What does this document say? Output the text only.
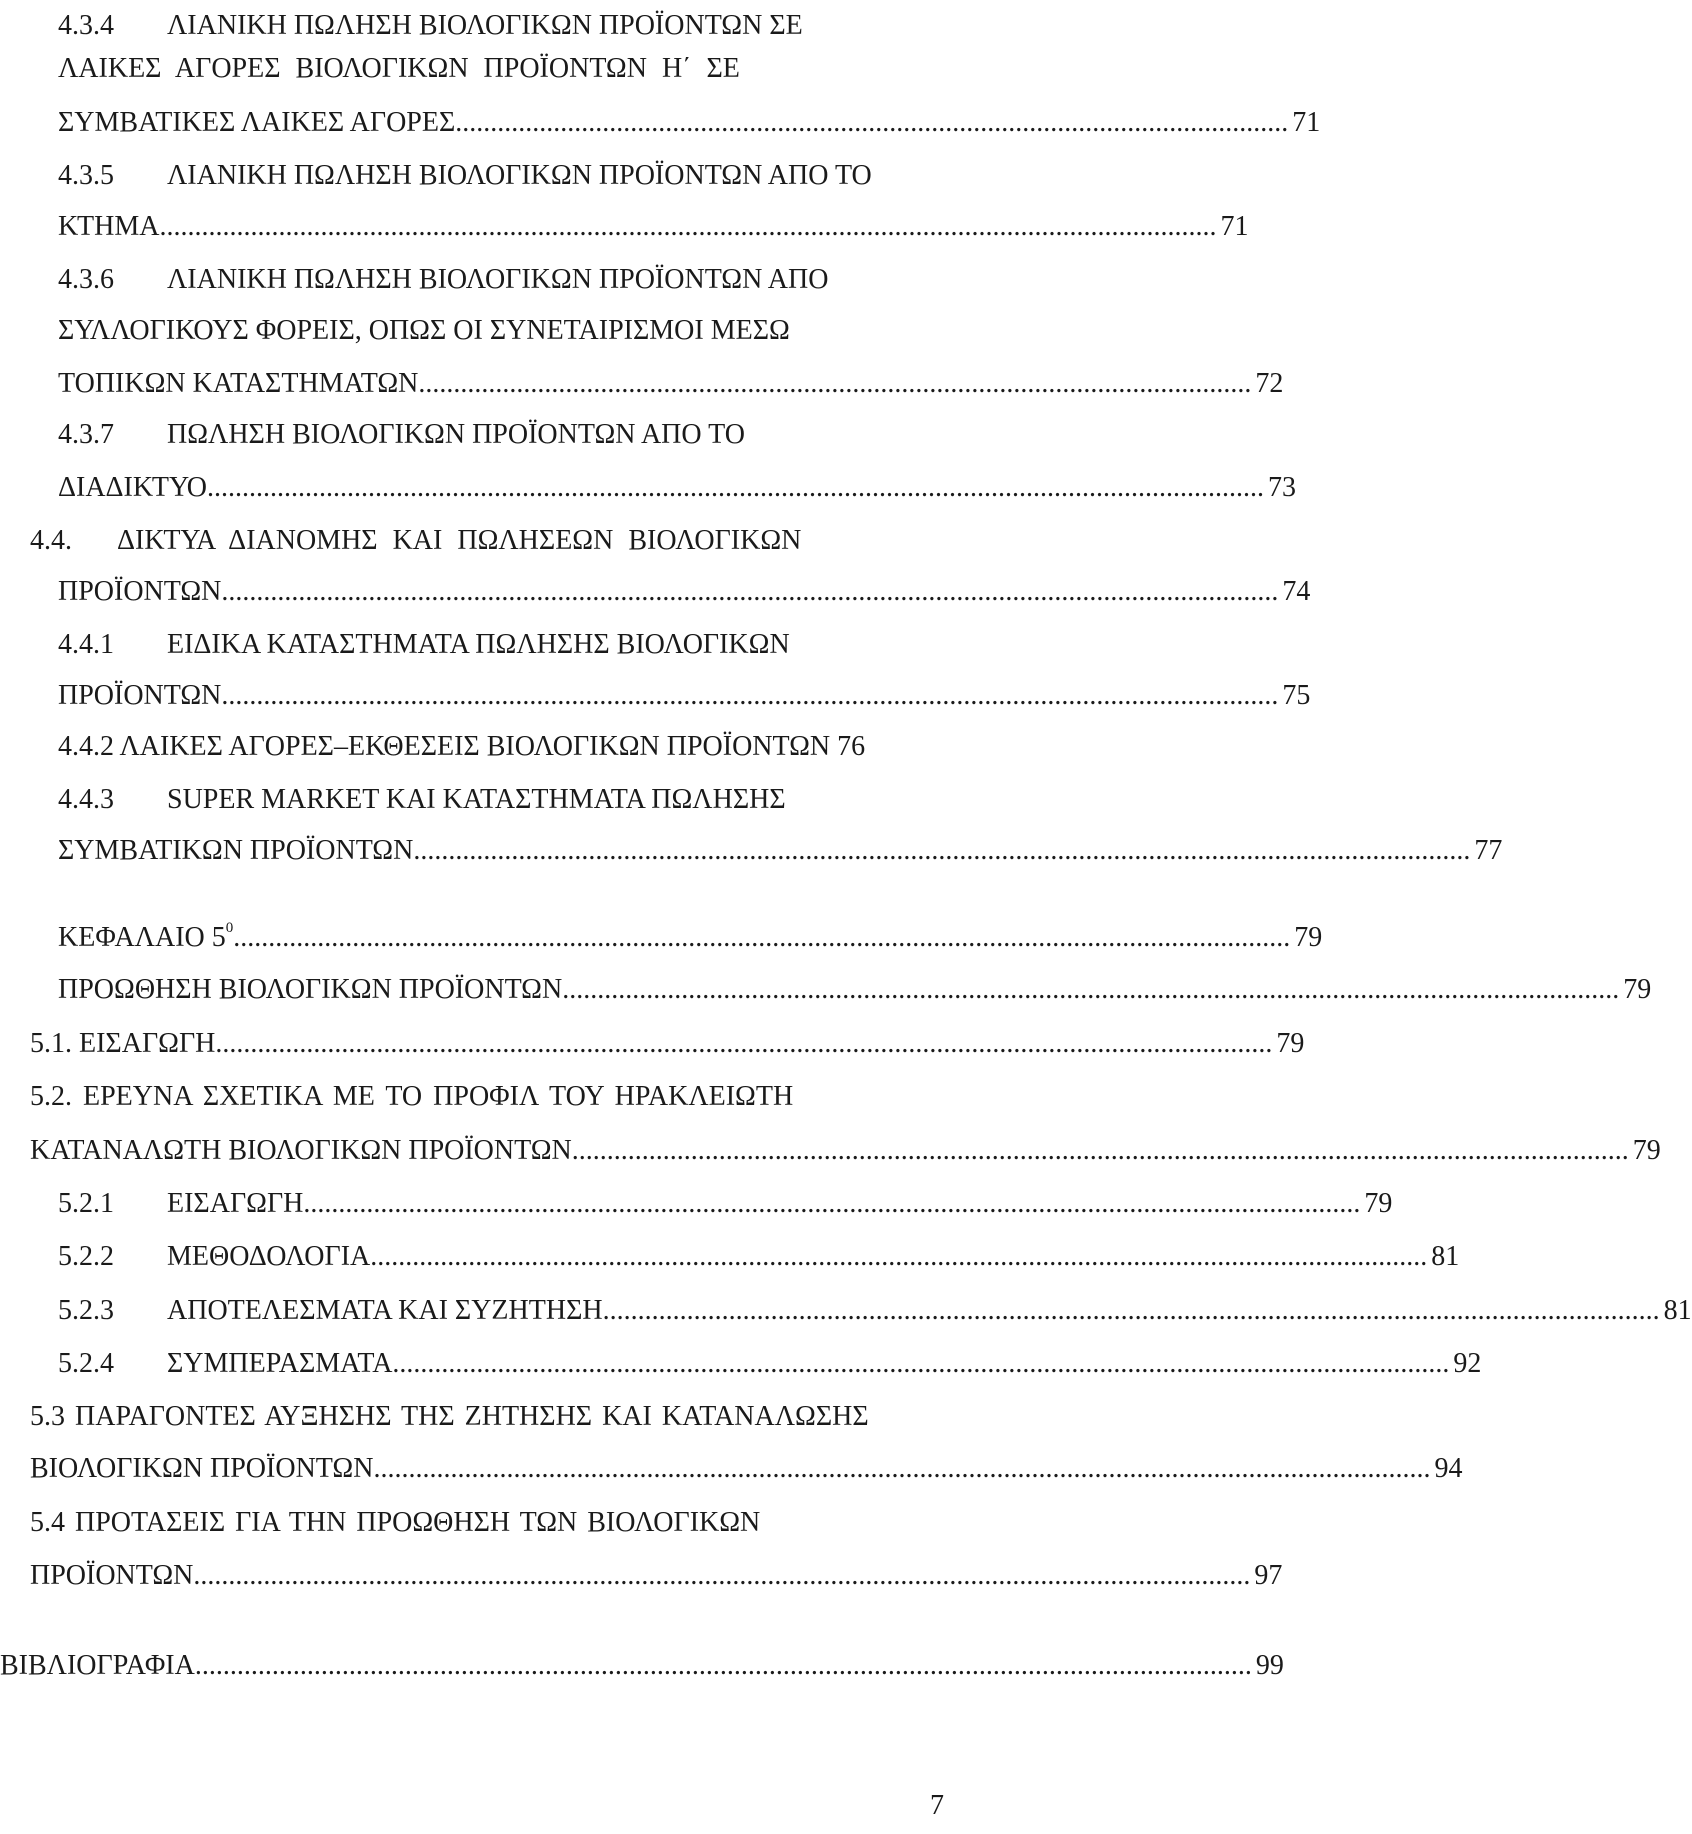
4.3.4 ΛΙΑΝΙΚΗ ΠΩΛΗΣΗ ΒΙΟΛΟΓΙΚΩΝ ΠΡΟΪΟΝΤΩΝ ΣΕ
ΛΑΙΚΕΣ ΑΓΟΡΕΣ ΒΙΟΛΟΓΙΚΩΝ ΠΡΟΪΟΝΤΩΝ Η΄ ΣΕ
ΣΥΜΒΑΤΙΚΕΣ ΛΑΙΚΕΣ ΑΓΟΡΕΣ ....................................................................................................................... 71
4.3.5 ΛΙΑΝΙΚΗ ΠΩΛΗΣΗ ΒΙΟΛΟΓΙΚΩΝ ΠΡΟΪΟΝΤΩΝ ΑΠΟ ΤΟ
ΚΤΗΜΑ ....................................................................................................................................................... 71
4.3.6 ΛΙΑΝΙΚΗ ΠΩΛΗΣΗ ΒΙΟΛΟΓΙΚΩΝ ΠΡΟΪΟΝΤΩΝ ΑΠΟ
ΣΥΛΛΟΓΙΚΟΥΣ ΦΟΡΕΙΣ, ΟΠΩΣ ΟΙ ΣΥΝΕΤΑΙΡΙΣΜΟΙ ΜΕΣΩ
ΤΟΠΙΚΩΝ ΚΑΤΑΣΤΗΜΑΤΩΝ ....................................................................................................................... 72
4.3.7 ΠΩΛΗΣΗ ΒΙΟΛΟΓΙΚΩΝ ΠΡΟΪΟΝΤΩΝ ΑΠΟ ΤΟ
ΔΙΑΔΙΚΤΥΟ ....................................................................................................................................................... 73
4.4. ΔΙΚΤΥΑ ΔΙΑΝΟΜΗΣ ΚΑΙ ΠΩΛΗΣΕΩΝ ΒΙΟΛΟΓΙΚΩΝ
ΠΡΟΪΟΝΤΩΝ ....................................................................................................................................................... 74
4.4.1 ΕΙΔΙΚΑ ΚΑΤΑΣΤΗΜΑΤΑ ΠΩΛΗΣΗΣ ΒΙΟΛΟΓΙΚΩΝ
ΠΡΟΪΟΝΤΩΝ ....................................................................................................................................................... 75
4.4.2 ΛΑΙΚΕΣ ΑΓΟΡΕΣ–ΕΚΘΕΣΕΙΣ ΒΙΟΛΟΓΙΚΩΝ ΠΡΟΪΟΝΤΩΝ 76
4.4.3 SUPER MARKET ΚΑΙ ΚΑΤΑΣΤΗΜΑΤΑ ΠΩΛΗΣΗΣ
ΣΥΜΒΑΤΙΚΩΝ ΠΡΟΪΟΝΤΩΝ ....................................................................................................................................................... 77
ΚΕΦΑΛΑΙΟ $5^0$ ....................................................................................................................................................... 79
ΠΡΟΩΘΗΣΗ ΒΙΟΛΟΓΙΚΩΝ ΠΡΟΪΟΝΤΩΝ ....................................................................................................................................................... 79
5.1. ΕΙΣΑΓΩΓΗ ....................................................................................................................................................... 79
5.2. ΕΡΕΥΝΑ ΣΧΕΤΙΚΑ ΜΕ ΤΟ ΠΡΟΦΙΛ ΤΟΥ ΗΡΑΚΛΕΙΩΤΗ
ΚΑΤΑΝΑΛΩΤΗ ΒΙΟΛΟΓΙΚΩΝ ΠΡΟΪΟΝΤΩΝ ....................................................................................................................................................... 79
5.2.1 ΕΙΣΑΓΩΓΗ ....................................................................................................................................................... 79
5.2.2 ΜΕΘΟΔΟΛΟΓΙΑ ....................................................................................................................................................... 81
5.2.3 ΑΠΟΤΕΛΕΣΜΑΤΑ ΚΑΙ ΣΥΖΗΤΗΣΗ ....................................................................................................................................................... 81
5.2.4 ΣΥΜΠΕΡΑΣΜΑΤΑ ....................................................................................................................................................... 92
5.3 ΠΑΡΑΓΟΝΤΕΣ ΑΥΞΗΣΗΣ ΤΗΣ ΖΗΤΗΣΗΣ ΚΑΙ ΚΑΤΑΝΑΛΩΣΗΣ
ΒΙΟΛΟΓΙΚΩΝ ΠΡΟΪΟΝΤΩΝ ....................................................................................................................................................... 94
5.4 ΠΡΟΤΑΣΕΙΣ ΓΙΑ ΤΗΝ ΠΡΟΩΘΗΣΗ ΤΩΝ ΒΙΟΛΟΓΙΚΩΝ
ΠΡΟΪΟΝΤΩΝ ....................................................................................................................................................... 97
ΒΙΒΛΙΟΓΡΑΦΙΑ ....................................................................................................................................................... 99
7
